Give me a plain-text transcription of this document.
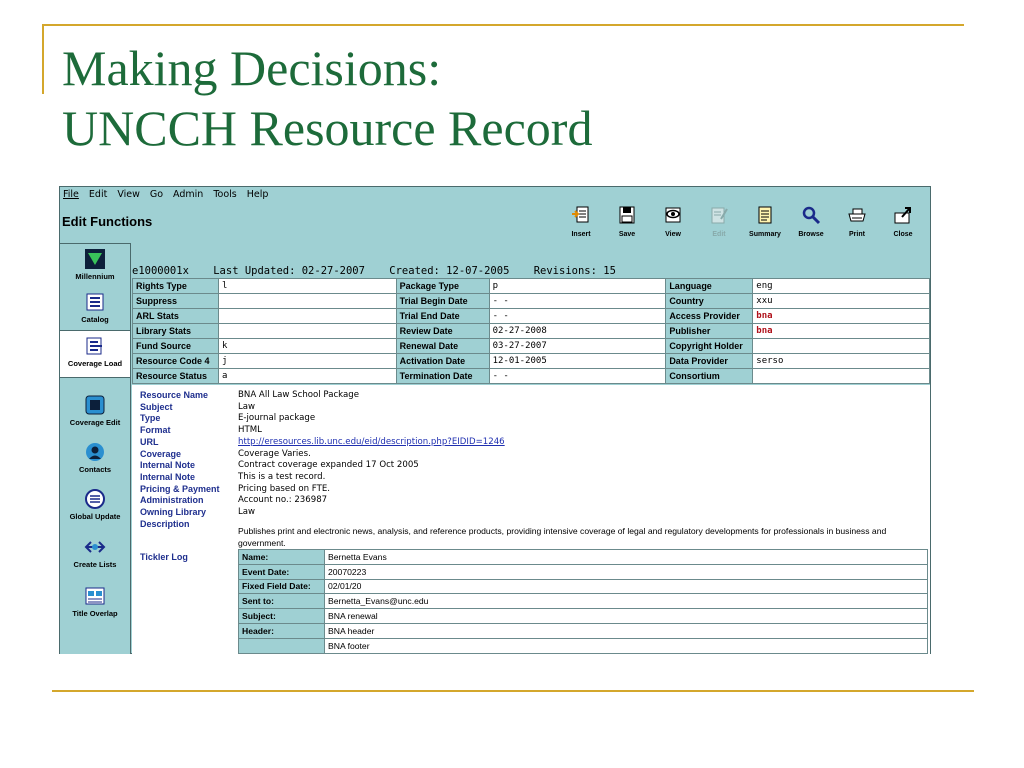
Making Decisions:
UNCCH Resource Record
File Edit View Go Admin Tools Help
Edit Functions
Insert	Save	View	Edit	Summary Browse	Print	Close
Millennium
Catalog
Coverage Load
Coverage Edit
Contacts
Global Update
Create Lists
Title Overlap
e1000001x Last Updated: 02-27-2007 Created: 12-07-2005 Revisions: 15
Rights Type	l	Package Type	p	Language	eng
Suppress		Trial Begin Date	- -	Country	xxu
ARL Stats		Trial End Date	- -	Access Provider	bna
Library Stats		Review Date	02-27-2008	Publisher	bna
Fund Source	k	Renewal Date	03-27-2007	Copyright Holder	
Resource Code 4	j	Activation Date	12-01-2005	Data Provider	serso
Resource Status	a	Termination Date	- -	Consortium	
Resource Name	BNA All Law School Package
Subject	Law
Type	E-journal package
Format	HTML
URL	http://eresources.lib.unc.edu/eid/description.php?EIDID=1246
Coverage	Coverage Varies.
Internal Note	Contract coverage expanded 17 Oct 2005
Internal Note	This is a test record.
Pricing & Payment	Pricing based on FTE.
Administration	Account no.: 236987
Owning Library	Law
Description
Publishes print and electronic news, analysis, and reference products, providing intensive coverage of legal and regulatory developments for professionals in business and government.
Tickler Log	Name:	Bernetta Evans
Event Date:	20070223
Fixed Field Date:	02/01/20
Sent to:	Bernetta_Evans@unc.edu
Subject:	BNA renewal
Header:	BNA header
	BNA footer
